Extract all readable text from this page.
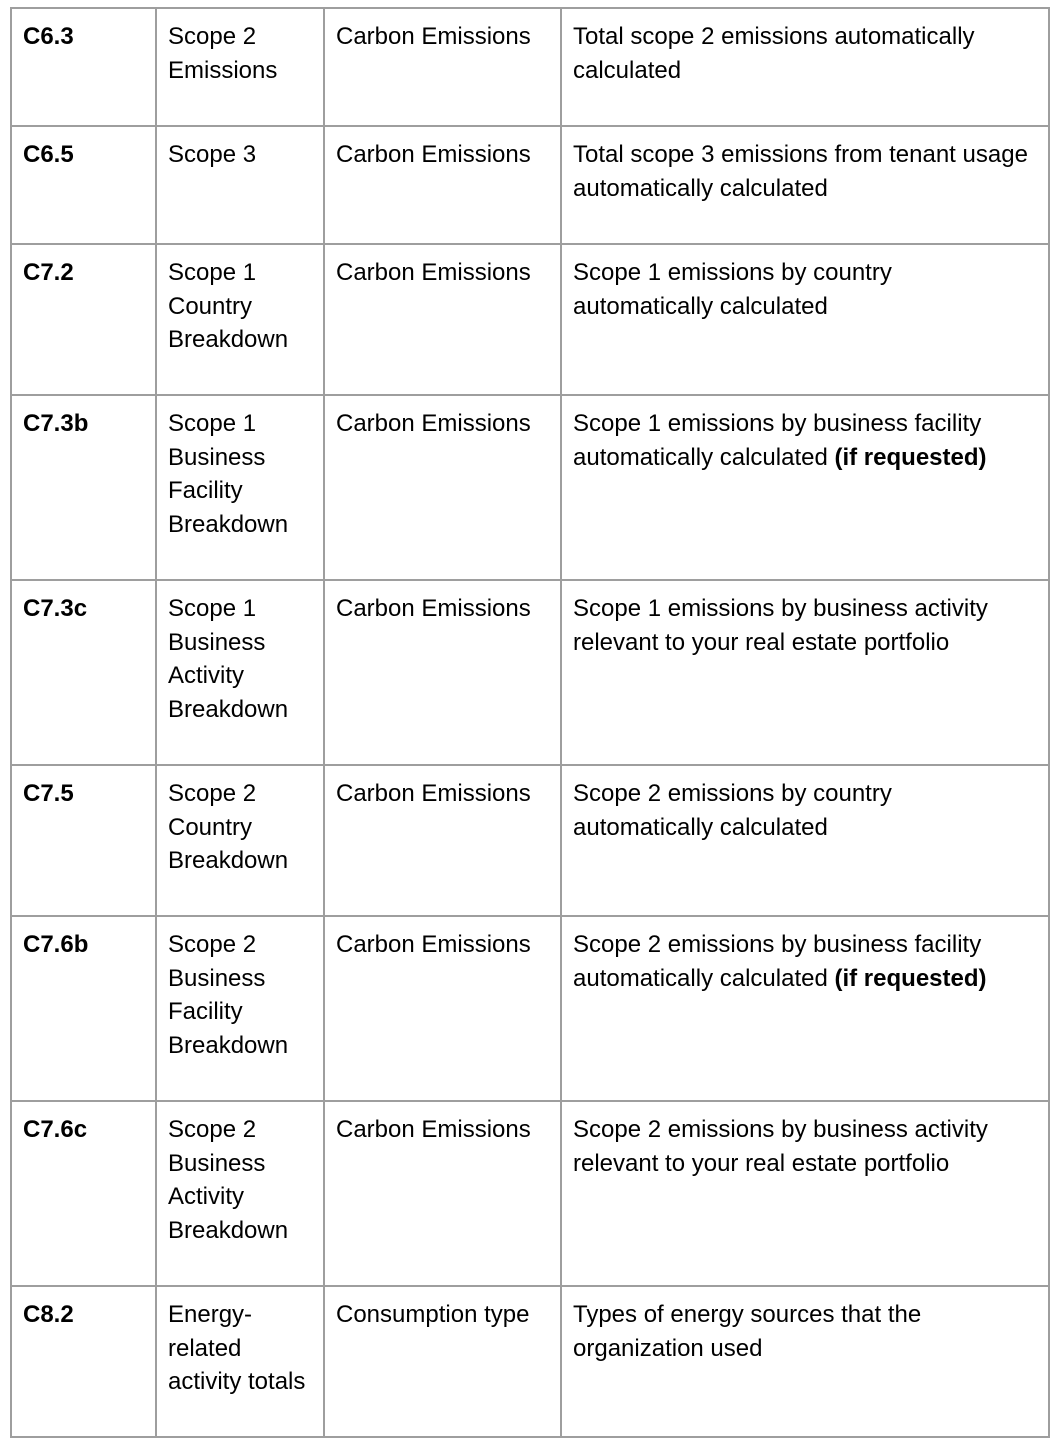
C6.3	Scope 2 Emissions	Carbon Emissions	Total scope 2 emissions automatically calculated
C6.5	Scope 3	Carbon Emissions	Total scope 3 emissions from tenant usage automatically calculated
C7.2	Scope 1 Country Breakdown	Carbon Emissions	Scope 1 emissions by country automatically calculated
C7.3b	Scope 1 Business Facility Breakdown	Carbon Emissions	Scope 1 emissions by business facility automatically calculated (if requested)
C7.3c	Scope 1 Business Activity Breakdown	Carbon Emissions	Scope 1 emissions by business activity relevant to your real estate portfolio
C7.5	Scope 2 Country Breakdown	Carbon Emissions	Scope 2 emissions by country automatically calculated
C7.6b	Scope 2 Business Facility Breakdown	Carbon Emissions	Scope 2 emissions by business facility automatically calculated (if requested)
C7.6c	Scope 2 Business Activity Breakdown	Carbon Emissions	Scope 2 emissions by business activity relevant to your real estate portfolio
C8.2	Energy-related activity totals	Consumption type	Types of energy sources that the organization used
